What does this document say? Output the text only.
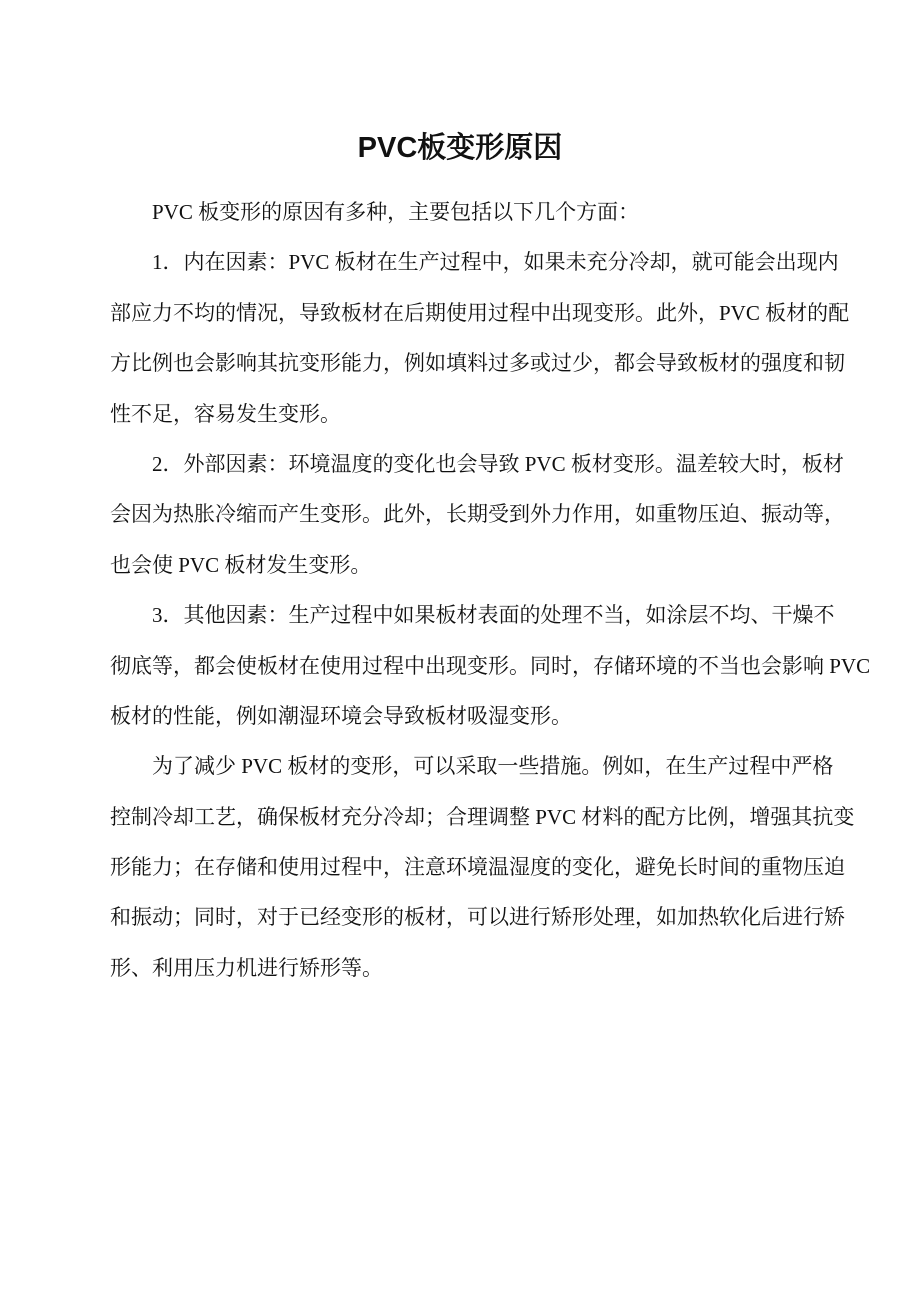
PVC板变形原因
PVC 板变形的原因有多种，主要包括以下几个方面：
1．内在因素：PVC 板材在生产过程中，如果未充分冷却，就可能会出现内
部应力不均的情况，导致板材在后期使用过程中出现变形。此外，PVC 板材的配
方比例也会影响其抗变形能力，例如填料过多或过少，都会导致板材的强度和韧
性不足，容易发生变形。
2．外部因素：环境温度的变化也会导致 PVC 板材变形。温差较大时，板材
会因为热胀冷缩而产生变形。此外，长期受到外力作用，如重物压迫、振动等，
也会使 PVC 板材发生变形。
3．其他因素：生产过程中如果板材表面的处理不当，如涂层不均、干燥不
彻底等，都会使板材在使用过程中出现变形。同时，存储环境的不当也会影响 PVC
板材的性能，例如潮湿环境会导致板材吸湿变形。
为了减少 PVC 板材的变形，可以采取一些措施。例如，在生产过程中严格
控制冷却工艺，确保板材充分冷却；合理调整 PVC 材料的配方比例，增强其抗变
形能力；在存储和使用过程中，注意环境温湿度的变化，避免长时间的重物压迫
和振动；同时，对于已经变形的板材，可以进行矫形处理，如加热软化后进行矫
形、利用压力机进行矫形等。
